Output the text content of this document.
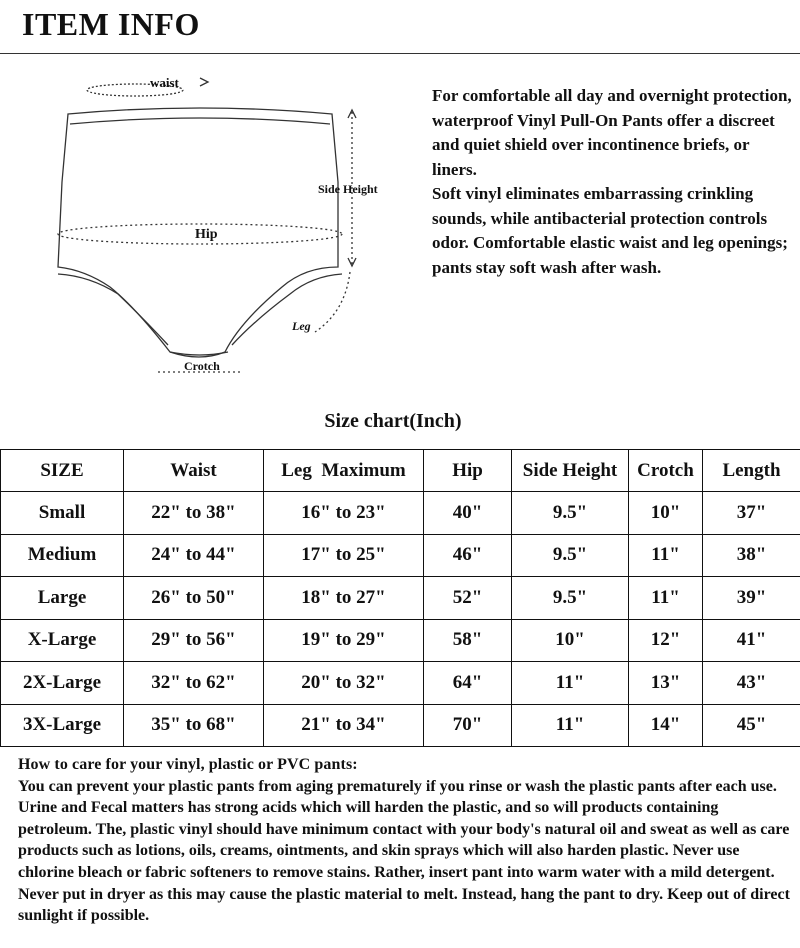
ITEM INFO
waist
Side Height
Hip
Leg
Crotch

For comfortable all day and overnight protection, waterproof Vinyl Pull-On Pants offer a discreet and quiet shield over incontinence briefs, or liners.

Soft vinyl eliminates embarrassing crinkling sounds, while antibacterial protection controls odor. Comfortable elastic waist and leg openings; pants stay soft wash after wash.

Size chart(Inch)
SIZE	Waist	Leg  Maximum	Hip	Side Height	Crotch	Length
Small	22" to 38"	16" to 23"	40"	9.5"	10"	37"
Medium	24" to 44"	17" to 25"	46"	9.5"	11"	38"
Large	26" to 50"	18" to 27"	52"	9.5"	11"	39"
X-Large	29" to 56"	19" to 29"	58"	10"	12"	41"
2X-Large	32" to 62"	20" to 32"	64"	11"	13"	43"
3X-Large	35" to 68"	21" to 34"	70"	11"	14"	45"

How to care for your vinyl, plastic or PVC pants:

You can prevent your plastic pants from aging prematurely if you rinse or wash the plastic pants after each use. Urine and Fecal matters has strong acids which will harden the plastic, and so will products containing petroleum. The, plastic vinyl should have minimum contact with your body's natural oil and sweat as well as care products such as lotions, oils, creams, ointments, and skin sprays which will also harden plastic. Never use chlorine bleach or fabric softeners to remove stains. Rather, insert pant into warm water with a mild detergent. Never put in dryer as this may cause the plastic material to melt. Instead, hang the pant to dry. Keep out of direct sunlight if possible.
